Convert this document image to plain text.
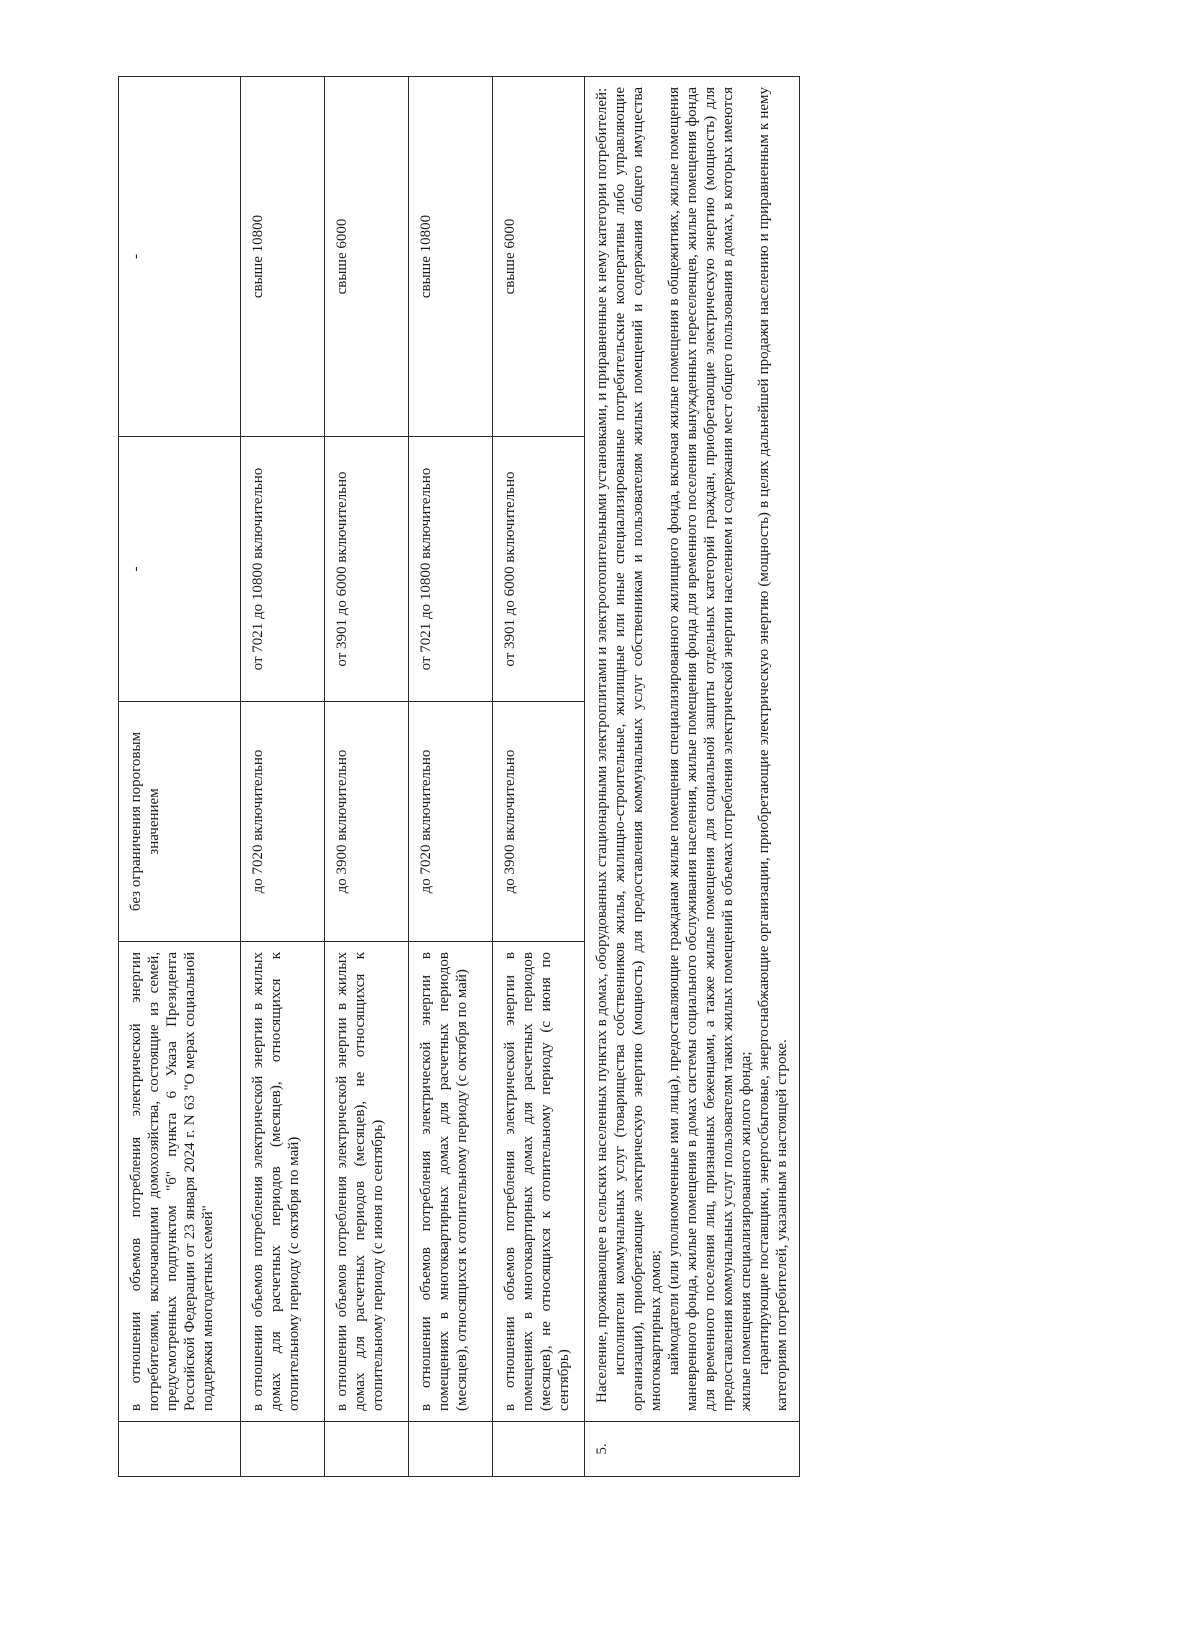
	в отношении объемов потребления электрической энергии потребителями, включающими домохозяйства, состоящие из семей, предусмотренных подпунктом "б" пункта 6 Указа Президента Российской Федерации от 23 января 2024 г. N 63 "О мерах социальной поддержки многодетных семей"	без ограничения пороговым значением	-	-
	в отношении объемов потребления электрической энергии в жилых домах для расчетных периодов (месяцев), относящихся к отопительному периоду (с октября по май)	до 7020 включительно	от 7021 до 10800 включительно	свыше 10800
	в отношении объемов потребления электрической энергии в жилых домах для расчетных периодов (месяцев), не относящихся к отопительному периоду (с июня по сентябрь)	до 3900 включительно	от 3901 до 6000 включительно	свыше 6000
	в отношении объемов потребления электрической энергии в помещениях в многоквартирных домах для расчетных периодов (месяцев), относящихся к отопительному периоду (с октября по май)	до 7020 включительно	от 7021 до 10800 включительно	свыше 10800
	в отношении объемов потребления электрической энергии в помещениях в многоквартирных домах для расчетных периодов (месяцев), не относящихся к отопительному периоду (с июня по сентябрь)	до 3900 включительно	от 3901 до 6000 включительно	свыше 6000
5.	Население, проживающее в сельских населенных пунктах в домах, оборудованных стационарными электроплитами и электроотопительными установками, и приравненные к нему категории потребителей: исполнители коммунальных услуг (товарищества собственников жилья, жилищно-строительные, жилищные или иные специализированные потребительские кооперативы либо управляющие организации), приобретающие электрическую энергию (мощность) для предоставления коммунальных услуг собственникам и пользователям жилых помещений и содержания общего имущества многоквартирных домов; наймодатели (или уполномоченные ими лица), предоставляющие гражданам жилые помещения специализированного жилищного фонда, включая жилые помещения в общежитиях, жилые помещения маневренного фонда, жилые помещения в домах системы социального обслуживания населения, жилые помещения фонда для временного поселения вынужденных переселенцев, жилые помещения фонда для временного поселения лиц, признанных беженцами, а также жилые помещения для социальной защиты отдельных категорий граждан, приобретающие электрическую энергию (мощность) для предоставления коммунальных услуг пользователям таких жилых помещений в объемах потребления электрической энергии населением и содержания мест общего пользования в домах, в которых имеются жилые помещения специализированного жилого фонда; гарантирующие поставщики, энергосбытовые, энергоснабжающие организации, приобретающие электрическую энергию (мощность) в целях дальнейшей продажи населению и приравненным к нему категориям потребителей, указанным в настоящей строке.			
